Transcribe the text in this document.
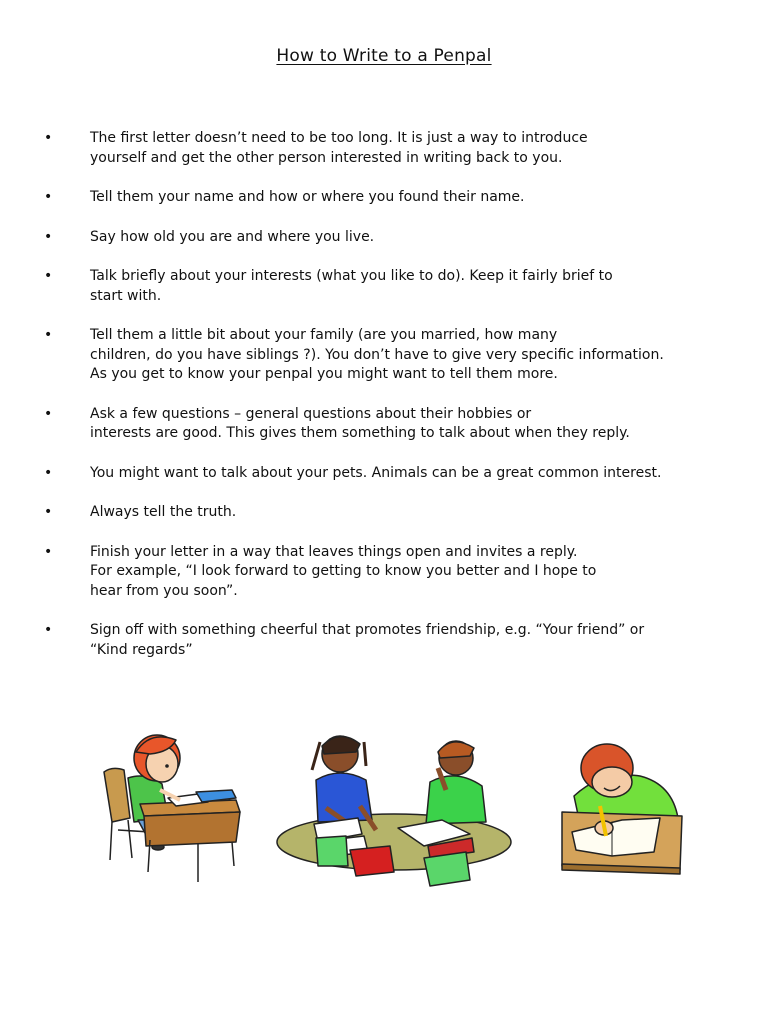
How to Write to a Penpal
•	The first letter doesn’t need to be too long. It is just a way to introduce
yourself and get the other person interested in writing back to you.
•	Tell them your name and how or where you found their name.
•	Say how old you are and where you live.
•	Talk briefly about your interests (what you like to do). Keep it fairly brief to
start with.
•	Tell them a little bit about your family (are you married, how many
children, do you have siblings ?). You don’t have to give very specific information.
As you get to know your penpal you might want to tell them more.
•	Ask a few questions – general questions about their hobbies or
interests are good. This gives them something to talk about when they reply.
•	You might want to talk about your pets. Animals can be a great common interest.
•	Always tell the truth.
•	Finish your letter in a way that leaves things open and invites a reply.
For example, “I look forward to getting to know you better and I hope to
hear from you soon”.
•	Sign off with something cheerful that promotes friendship, e.g. “Your friend” or
“Kind regards”
